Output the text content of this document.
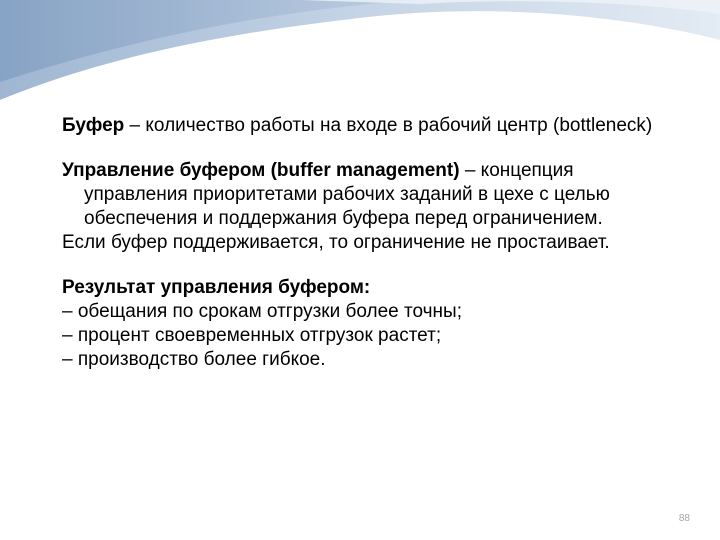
Буфер – количество работы на входе в рабочий центр (bottleneck)

Управление буфером (buffer management) – концепция управления приоритетами рабочих заданий в цехе с целью обеспечения и поддержания буфера перед ограничением.

Если буфер поддерживается, то ограничение не простаивает.

Результат управления буфером:

– обещания по срокам отгрузки более точны;

– процент своевременных отгрузок растет;

– производство более гибкое.

88
